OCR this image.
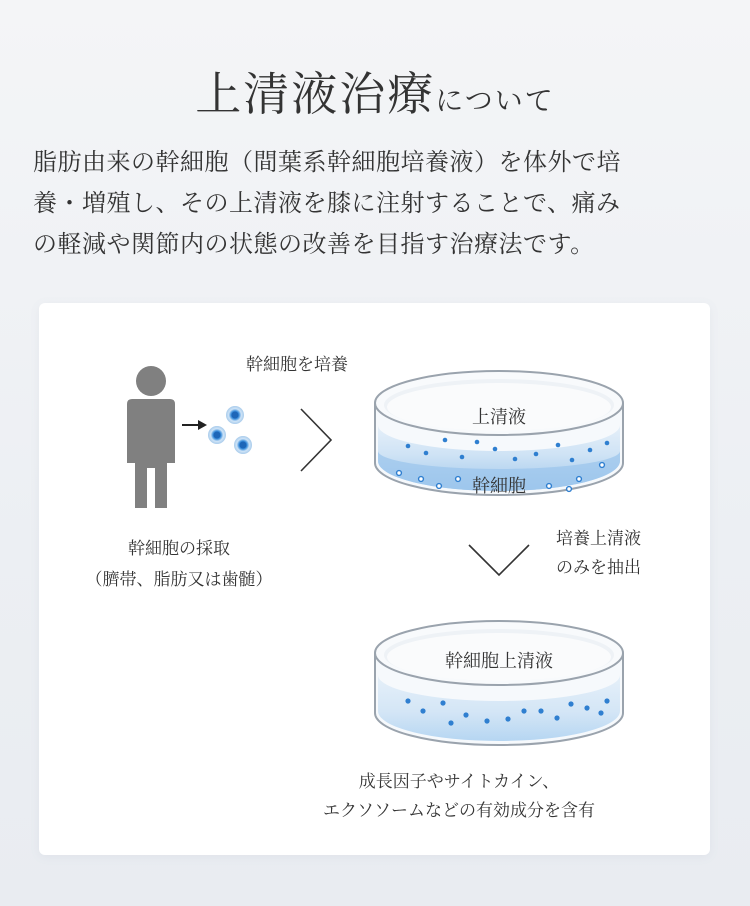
上清液治療について
脂肪由来の幹細胞（間葉系幹細胞培養液）を体外で培
養・増殖し、その上清液を膝に注射することで、痛み
の軽減や関節内の状態の改善を目指す治療法です。
幹細胞を培養
上清液
幹細胞
幹細胞の採取
（臍帯、脂肪又は歯髄）
培養上清液
のみを抽出
幹細胞上清液
成長因子やサイトカイン、
エクソソームなどの有効成分を含有
